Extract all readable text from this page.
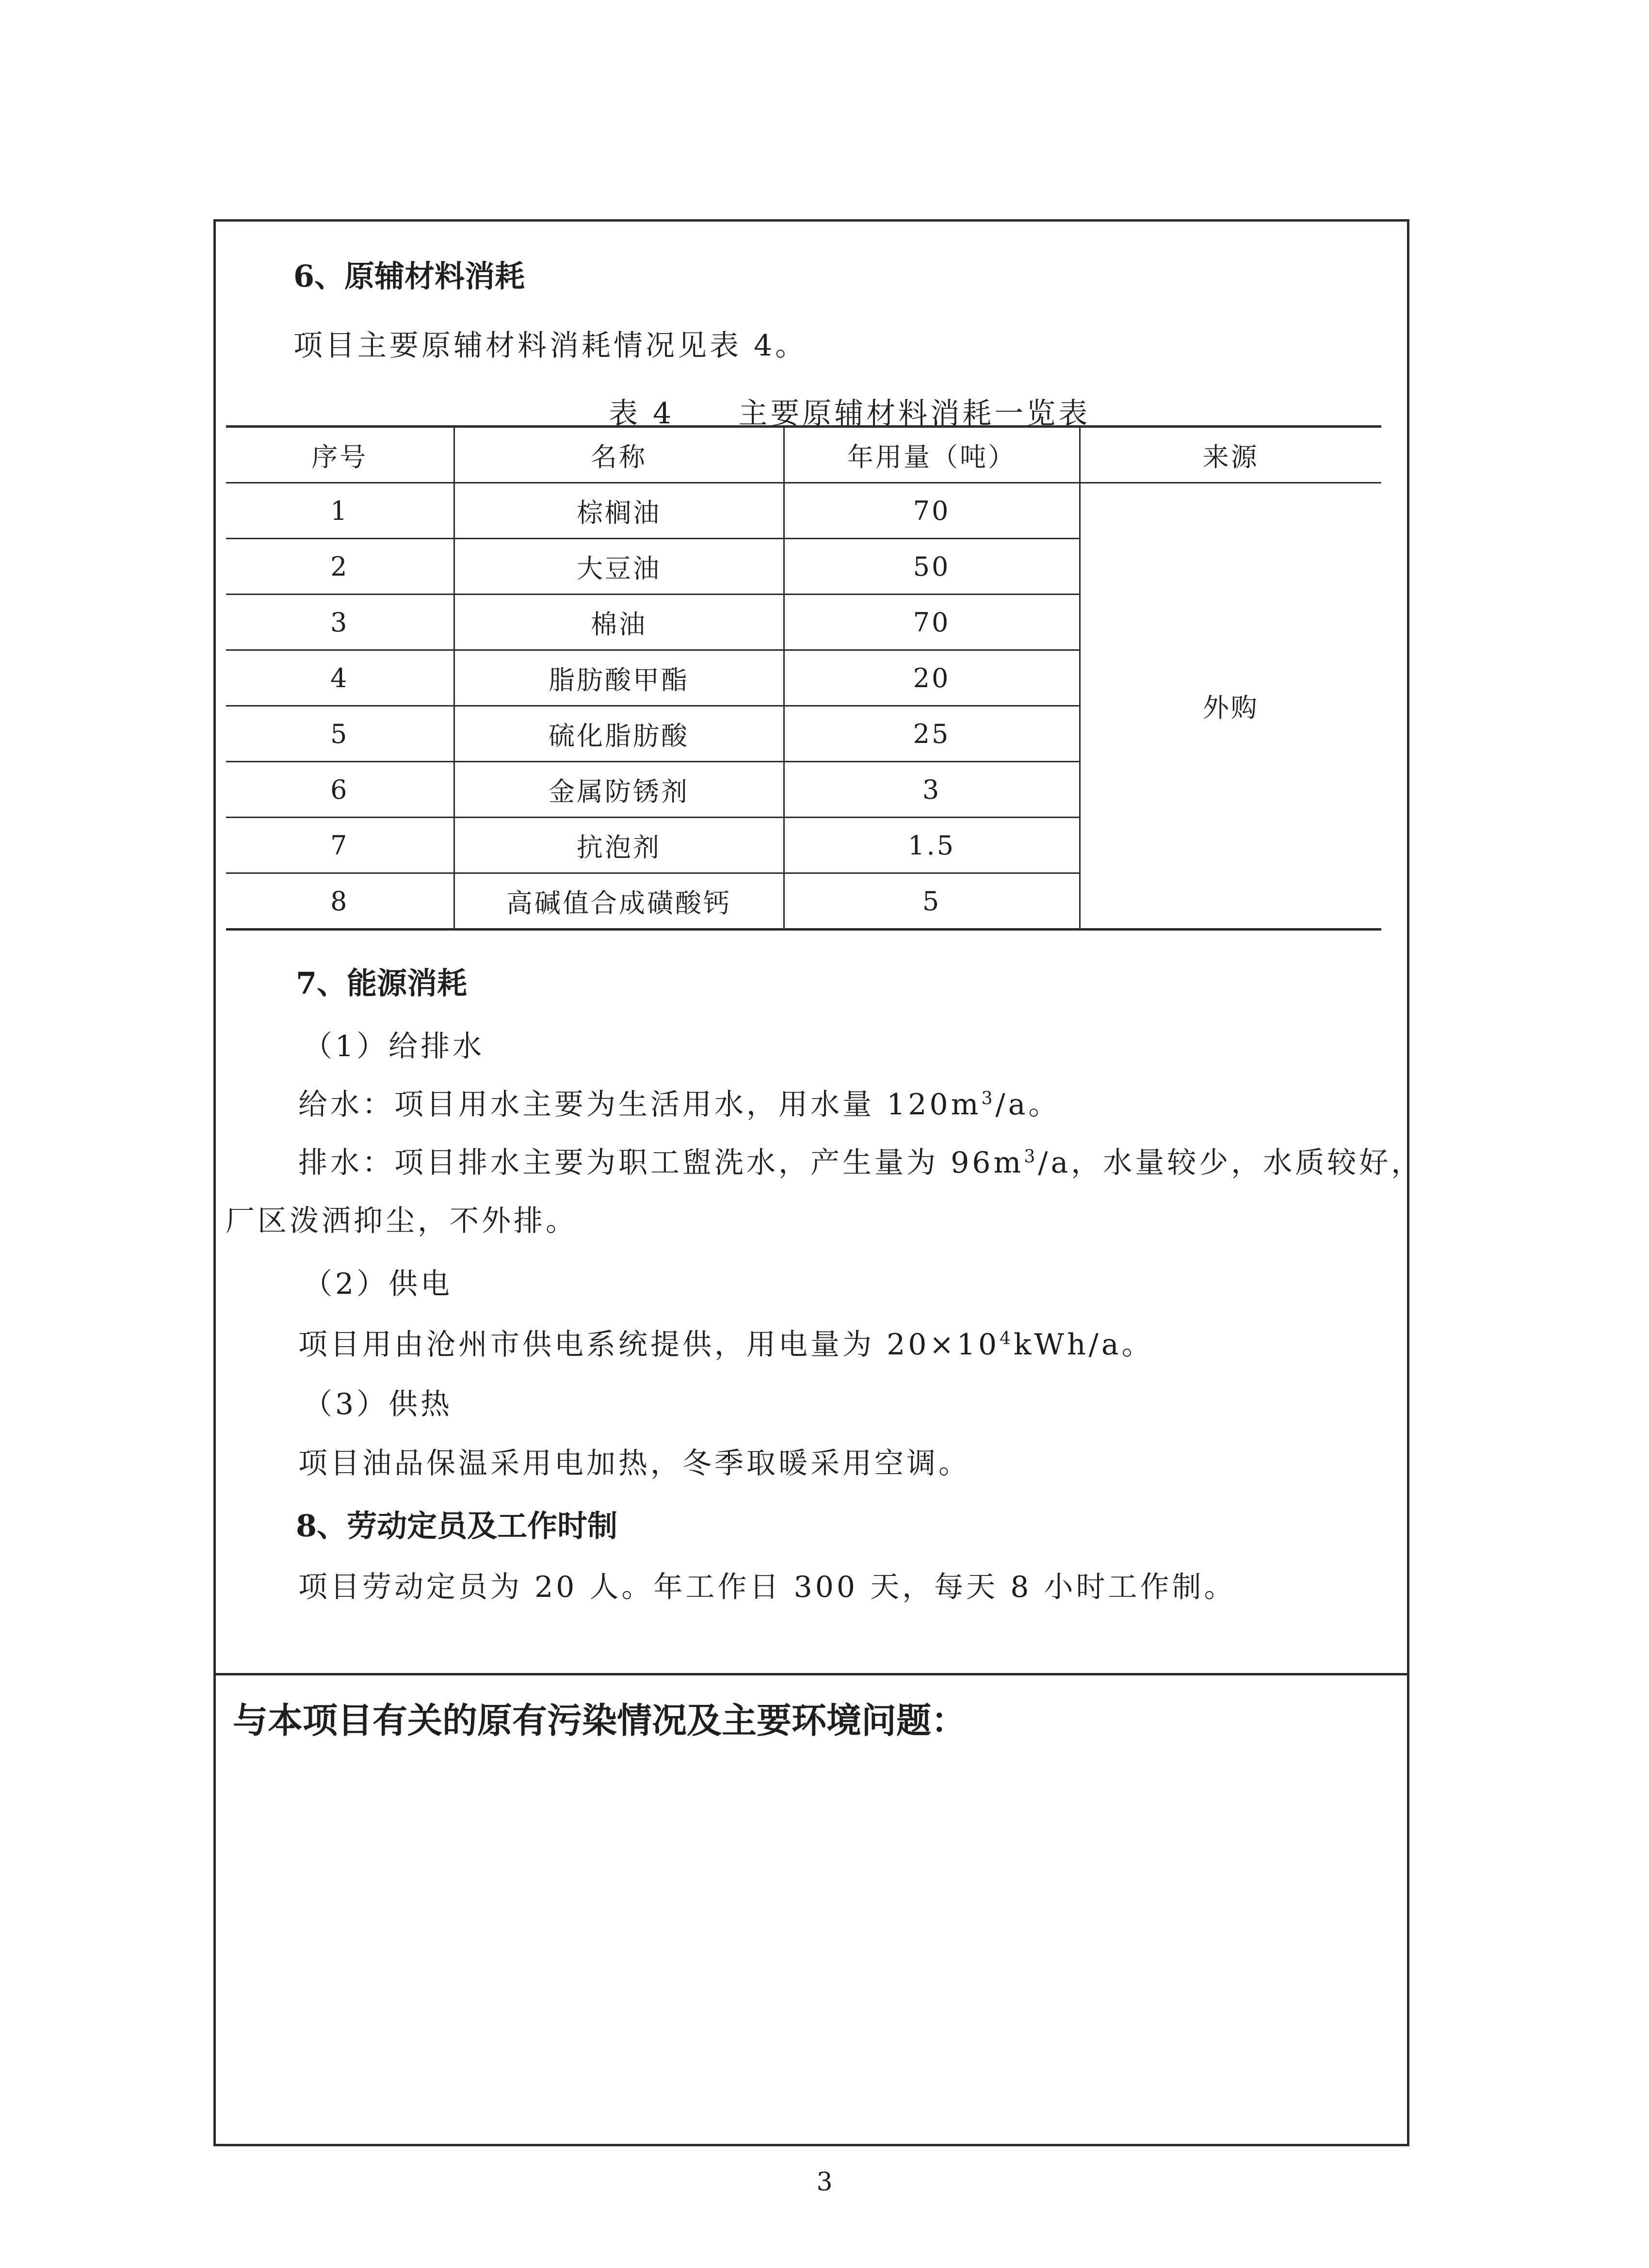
6、原辅材料消耗
项目主要原辅材料消耗情况见表 4。
表 4　　主要原辅材料消耗一览表
序号	名称	年用量（吨）	来源
1	棕榈油	70	外购
2	大豆油	50	
3	棉油	70	
4	脂肪酸甲酯	20	
5	硫化脂肪酸	25	
6	金属防锈剂	3	
7	抗泡剂	1.5	
8	高碱值合成磺酸钙	5	
7、能源消耗
（1）给排水
给水：项目用水主要为生活用水，用水量 $120m^3/a$。
排水：项目排水主要为职工盥洗水，产生量为 $96m^3/a$，水量较少，水质较好，
厂区泼洒抑尘，不外排。
（2）供电
项目用由沧州市供电系统提供，用电量为 $20\times 10^4kWh/a$。
（3）供热
项目油品保温采用电加热，冬季取暖采用空调。
8、劳动定员及工作时制
项目劳动定员为 20 人。年工作日 300 天，每天 8 小时工作制。
与本项目有关的原有污染情况及主要环境问题：
3
